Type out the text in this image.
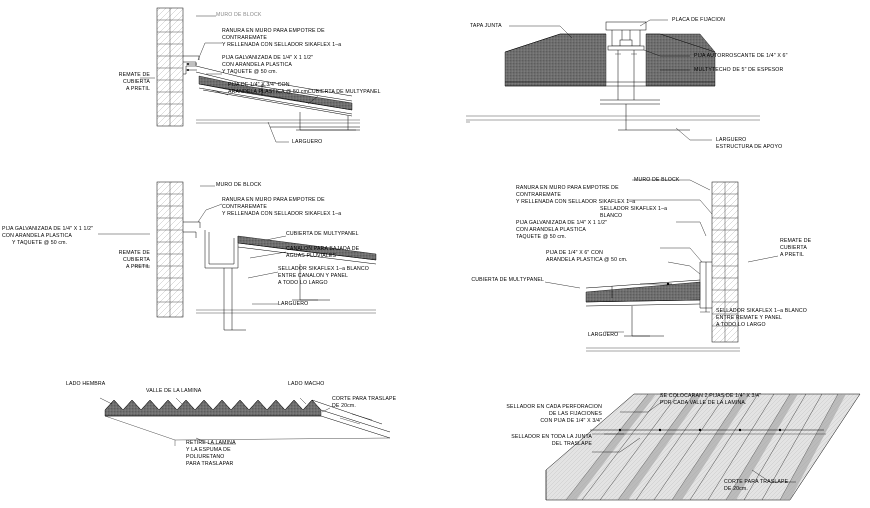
MURO DE BLOCK
RANURA EN MURO PARA EMPOTRE DE
CONTRAREMATE
Y RELLENADA CON SELLADOR SIKAFLEX 1–a
PIJA GALVANIZADA DE 1/4" X 1 1/2"
CON ARANDELA PLASTICA
Y TAQUETE @ 50 cm.
PIJA DE 1/4" X 3/4" CON
ARANDELA PLASTICA @ 50 cm.
CUBIERTA DE MULTYPANEL
REMATE DE
CUBIERTA
A PRETIL
LARGUERO
TAPA JUNTA
PLACA DE FIJACION
PIJA AUTORROSCANTE DE 1/4" X 6"
MULTYTECHO DE 5" DE ESPESOR
LARGUERO
ESTRUCTURA DE APOYO
MURO DE BLOCK
RANURA EN MURO PARA EMPOTRE DE
CONTRAREMATE
Y RELLENADA CON SELLADOR SIKAFLEX 1–a
PIJA GALVANIZADA DE 1/4" X 1 1/2"
CON ARANDELA PLASTICA
Y TAQUETE @ 50 cm.
REMATE DE
CUBIERTA
A PRETIL
CUBIERTA DE MULTYPANEL
CANALON PARA BAJADA DE
AGUAS PLUVIALES
SELLADOR SIKAFLEX 1–a BLANCO
ENTRE CANALON Y PANEL
A TODO LO LARGO
LARGUERO
MURO DE BLOCK
RANURA EN MURO PARA EMPOTRE DE
CONTRAREMATE
Y RELLENADA CON SELLADOR SIKAFLEX 1–a
SELLADOR SIKAFLEX 1–a
BLANCO
PIJA GALVANIZADA DE 1/4" X 1 1/2"
CON ARANDELA PLASTICA
TAQUETE @ 50 cm.
PIJA DE 1/4" X 6" CON
ARANDELA PLASTICA @ 50 cm.
CUBIERTA DE MULTYPANEL
REMATE DE
CUBIERTA
A PRETIL
SELLADOR SIKAFLEX 1–a BLANCO
ENTRE REMATE Y PANEL
A TODO LO LARGO
LARGUERO
LADO HEMBRA
VALLE DE LA LAMINA
LADO MACHO
CORTE PARA TRASLAPE
DE 20cm.
RETIRE LA LAMINA
Y LA ESPUMA DE
POLIURETANO
PARA TRASLAPAR
SE COLOCARAN 2 PIJAS DE 1/4" X 3/4"
POR CADA VALLE DE LA LAMINA.
SELLADOR EN CADA PERFORACION
DE LAS FIJACIONES
CON PIJA DE 1/4" X 3/4"
SELLADOR EN TODA LA JUNTA
DEL TRASLAPE
CORTE PARA TRASLAPE
DE 20cm.
